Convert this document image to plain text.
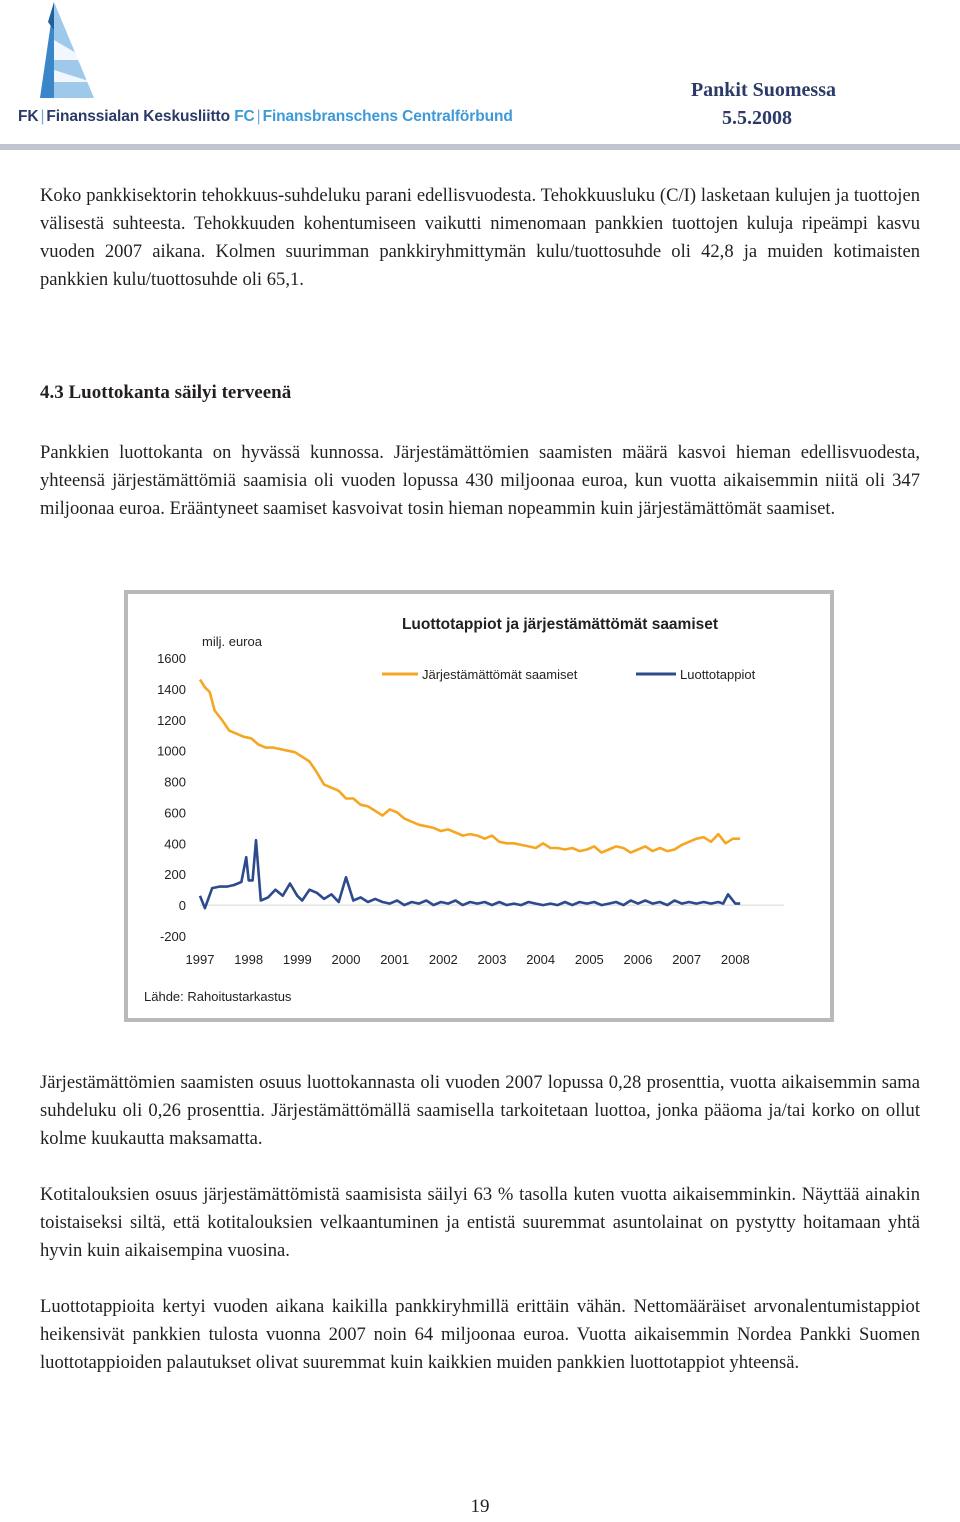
FK | Finanssialan Keskusliitto FC | Finansbranschens Centralförbund
Pankit Suomessa
5.5.2008

Koko pankkisektorin tehokkuus-suhdeluku parani edellisvuodesta. Tehokkuusluku (C/I) lasketaan kulujen ja tuottojen välisestä suhteesta. Tehokkuuden kohentumiseen vaikutti nimenomaan pankkien tuottojen kuluja ripeämpi kasvu vuoden 2007 aikana. Kolmen suurimman pankkiryhmittymän kulu/tuottosuhde oli 42,8 ja muiden kotimaisten pankkien kulu/tuottosuhde oli 65,1.

4.3 Luottokanta säilyi terveenä

Pankkien luottokanta on hyvässä kunnossa. Järjestämättömien saamisten määrä kasvoi hieman edellisvuodesta, yhteensä järjestämättömiä saamisia oli vuoden lopussa 430 miljoonaa euroa, kun vuotta aikaisemmin niitä oli 347 miljoonaa euroa. Erääntyneet saamiset kasvoivat tosin hieman nopeammin kuin järjestämättömät saamiset.

1600
1400
1200
1000
800
600
400
200
0
-200
1997 1998 1999 2000 2001 2002 2003 2004 2005 2006 2007 2008
Luottotappiot ja järjestämättömät saamiset
milj. euroa
Lähde: Rahoitustarkastus
Järjestämättömät saamiset	Luottotappiot

Järjestämättömien saamisten osuus luottokannasta oli vuoden 2007 lopussa 0,28 prosenttia, vuotta aikaisemmin sama suhdeluku oli 0,26 prosenttia. Järjestämättömällä saamisella tarkoitetaan luottoa, jonka pääoma ja/tai korko on ollut kolme kuukautta maksamatta.

Kotitalouksien osuus järjestämättömistä saamisista säilyi 63 % tasolla kuten vuotta aikaisemminkin. Näyttää ainakin toistaiseksi siltä, että kotitalouksien velkaantuminen ja entistä suuremmat asuntolainat on pystytty hoitamaan yhtä hyvin kuin aikaisempina vuosina.

Luottotappioita kertyi vuoden aikana kaikilla pankkiryhmillä erittäin vähän. Nettomääräiset arvonalentumistappiot heikensivät pankkien tulosta vuonna 2007 noin 64 miljoonaa euroa. Vuotta aikaisemmin Nordea Pankki Suomen luottotappioiden palautukset olivat suuremmat kuin kaikkien muiden pankkien luottotappiot yhteensä.

19
